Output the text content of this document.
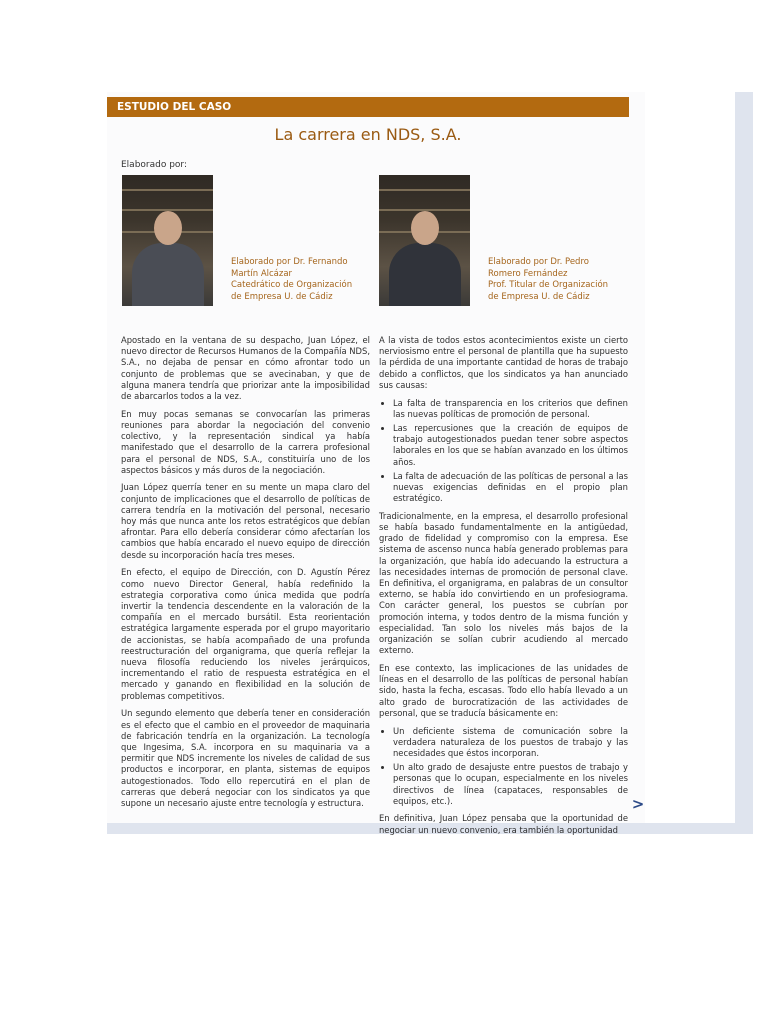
ESTUDIO DEL CASO
La carrera en NDS, S.A.
Elaborado por:
Elaborado por Dr. Fernando
Martín Alcázar
Catedrático de Organización
de Empresa U. de Cádiz
Elaborado por Dr. Pedro
Romero Fernández
Prof. Titular de Organización
de Empresa U. de Cádiz

Apostado en la ventana de su despacho, Juan López, el nuevo director de Recursos Humanos de la Compañía NDS, S.A., no dejaba de pensar en cómo afrontar todo un conjunto de problemas que se avecinaban, y que de alguna manera tendría que priorizar ante la imposibilidad de abarcarlos todos a la vez.

En muy pocas semanas se convocarían las primeras reuniones para abordar la negociación del convenio colectivo, y la representación sindical ya había manifestado que el desarrollo de la carrera profesional para el personal de NDS, S.A., constituiría uno de los aspectos básicos y más duros de la negociación.

Juan López querría tener en su mente un mapa claro del conjunto de implicaciones que el desarrollo de políticas de carrera tendría en la motivación del personal, necesario hoy más que nunca ante los retos estratégicos que debían afrontar. Para ello debería considerar cómo afectarían los cambios que había encarado el nuevo equipo de dirección desde su incorporación hacía tres meses.

En efecto, el equipo de Dirección, con D. Agustín Pérez como nuevo Director General, había redefinido la estrategia corporativa como única medida que podría invertir la tendencia descendente en la valoración de la compañía en el mercado bursátil. Esta reorientación estratégica largamente esperada por el grupo mayoritario de accionistas, se había acompañado de una profunda reestructuración del organigrama, que quería reflejar la nueva filosofía reduciendo los niveles jerárquicos, incrementando el ratio de respuesta estratégica en el mercado y ganando en flexibilidad en la solución de problemas competitivos.

Un segundo elemento que debería tener en consideración es el efecto que el cambio en el proveedor de maquinaria de fabricación tendría en la organización. La tecnología que Ingesima, S.A. incorpora en su maquinaria va a permitir que NDS incremente los niveles de calidad de sus productos e incorporar, en planta, sistemas de equipos autogestionados. Todo ello repercutirá en el plan de carreras que deberá negociar con los sindicatos ya que supone un necesario ajuste entre tecnología y estructura.

A la vista de todos estos acontecimientos existe un cierto nerviosismo entre el personal de plantilla que ha supuesto la pérdida de una importante cantidad de horas de trabajo debido a conflictos, que los sindicatos ya han anunciado sus causas:

• La falta de transparencia en los criterios que definen las nuevas políticas de promoción de personal.
• Las repercusiones que la creación de equipos de trabajo autogestionados puedan tener sobre aspectos laborales en los que se habían avanzado en los últimos años.
• La falta de adecuación de las políticas de personal a las nuevas exigencias definidas en el propio plan estratégico.

Tradicionalmente, en la empresa, el desarrollo profesional se había basado fundamentalmente en la antigüedad, grado de fidelidad y compromiso con la empresa. Ese sistema de ascenso nunca había generado problemas para la organización, que había ido adecuando la estructura a las necesidades internas de promoción de personal clave. En definitiva, el organigrama, en palabras de un consultor externo, se había ido convirtiendo en un profesiograma. Con carácter general, los puestos se cubrían por promoción interna, y todos dentro de la misma función y especialidad. Tan solo los niveles más bajos de la organización se solían cubrir acudiendo al mercado externo.

En ese contexto, las implicaciones de las unidades de líneas en el desarrollo de las políticas de personal habían sido, hasta la fecha, escasas. Todo ello había llevado a un alto grado de burocratización de las actividades de personal, que se traducía básicamente en:

• Un deficiente sistema de comunicación sobre la verdadera naturaleza de los puestos de trabajo y las necesidades que éstos incorporan.
• Un alto grado de desajuste entre puestos de trabajo y personas que lo ocupan, especialmente en los niveles directivos de línea (capataces, responsables de equipos, etc.).

En definitiva, Juan López pensaba que la oportunidad de negociar un nuevo convenio, era también la oportunidad

>
